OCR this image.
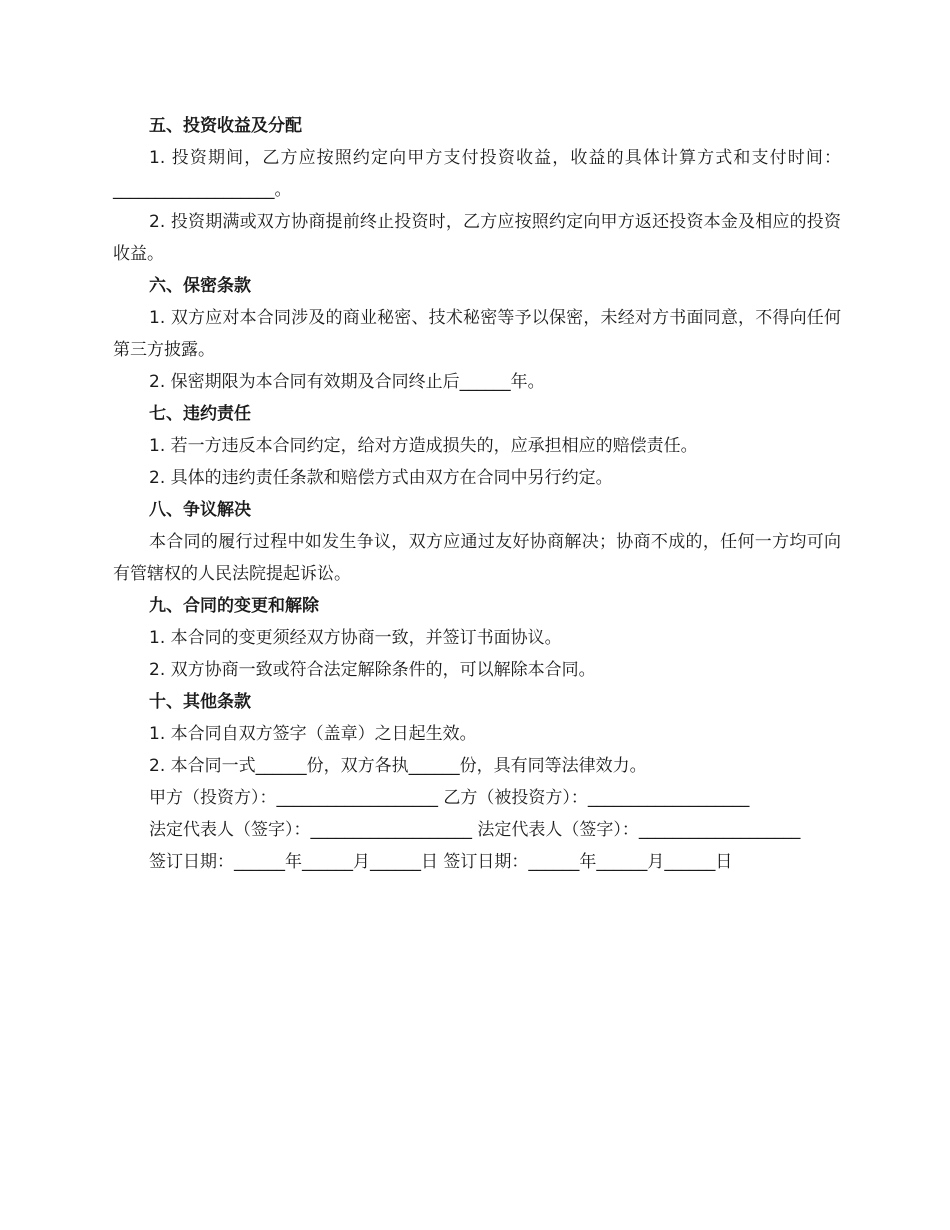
五、投资收益及分配
1. 投资期间，乙方应按照约定向甲方支付投资收益，收益的具体计算方式和支付时间：___________________。
2. 投资期满或双方协商提前终止投资时，乙方应按照约定向甲方返还投资本金及相应的投资收益。
六、保密条款
1. 双方应对本合同涉及的商业秘密、技术秘密等予以保密，未经对方书面同意，不得向任何第三方披露。
2. 保密期限为本合同有效期及合同终止后______年。
七、违约责任
1. 若一方违反本合同约定，给对方造成损失的，应承担相应的赔偿责任。
2. 具体的违约责任条款和赔偿方式由双方在合同中另行约定。
八、争议解决
本合同的履行过程中如发生争议，双方应通过友好协商解决；协商不成的，任何一方均可向有管辖权的人民法院提起诉讼。
九、合同的变更和解除
1. 本合同的变更须经双方协商一致，并签订书面协议。
2. 双方协商一致或符合法定解除条件的，可以解除本合同。
十、其他条款
1. 本合同自双方签字（盖章）之日起生效。
2. 本合同一式______份，双方各执______份，具有同等法律效力。
甲方（投资方）：___________________ 乙方（被投资方）：___________________
法定代表人（签字）：___________________ 法定代表人（签字）：___________________
签订日期：______年______月______日 签订日期：______年______月______日
